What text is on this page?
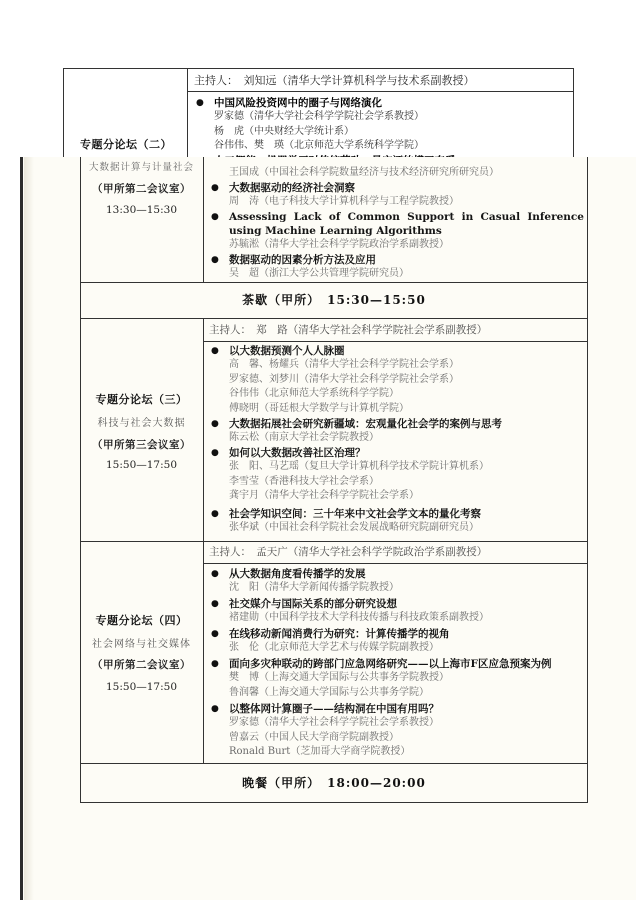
专题分论坛（二）
主持人：　刘知远（清华大学计算机科学与技术系副教授）
● 中国风险投资网中的圈子与网络演化
罗家德（清华大学社会科学学院社会学系教授）
杨　虎（中央财经大学统计系）
谷伟伟、樊　瑛（北京师范大学系统科学学院）
●
大数据计算与计量社会
（甲所第二会议室）
13:30—15:30
王国成（中国社会科学院数量经济与技术经济研究所研究员）
● 大数据驱动的经济社会洞察
周　涛（电子科技大学计算机科学与工程学院教授）
● Assessing Lack of Common Support in Casual Inference using Machine Learning Algorithms
苏毓淞（清华大学社会科学学院政治学系副教授）
● 数据驱动的因素分析方法及应用
吴　超（浙江大学公共管理学院研究员）
茶歇（甲所）　15:30—15:50
专题分论坛（三）
科技与社会大数据
（甲所第三会议室）
15:50—17:50
主持人：　郑　路（清华大学社会科学学院社会学系副教授）
● 以大数据预测个人人脉圈
高　馨、杨耀兵（清华大学社会科学学院社会学系）
罗家德、刘梦川（清华大学社会科学学院社会学系）
谷伟伟（北京师范大学系统科学学院）
傅晓明（哥廷根大学数学与计算机学院）
● 大数据拓展社会研究新疆域：宏观量化社会学的案例与思考
陈云松（南京大学社会学院教授）
● 如何以大数据改善社区治理？
张　阳、马艺瑶（复旦大学计算机科学技术学院计算机系）
李雪莹（香港科技大学社会学系）
龚宇月（清华大学社会科学学院社会学系）
● 社会学知识空间：三十年来中文社会学文本的量化考察
张华斌（中国社会科学院社会发展战略研究院副研究员）
专题分论坛（四）
社会网络与社交媒体
（甲所第二会议室）
15:50—17:50
主持人：　孟天广（清华大学社会科学学院政治学系副教授）
● 从大数据角度看传播学的发展
沈　阳（清华大学新闻传播学院教授）
● 社交媒介与国际关系的部分研究设想
褚建勋（中国科学技术大学科技传播与科技政策系副教授）
● 在线移动新闻消费行为研究：计算传播学的视角
张　伦（北京师范大学艺术与传媒学院副教授）
● 面向多灾种联动的跨部门应急网络研究——以上海市F区应急预案为例
樊　博（上海交通大学国际与公共事务学院教授）
鲁润馨（上海交通大学国际与公共事务学院）
● 以整体网计算圈子——结构洞在中国有用吗？
罗家德（清华大学社会科学学院社会学系教授）
曾嘉云（中国人民大学商学院副教授）
Ronald Burt（芝加哥大学商学院教授）
晚餐（甲所）　18:00—20:00
